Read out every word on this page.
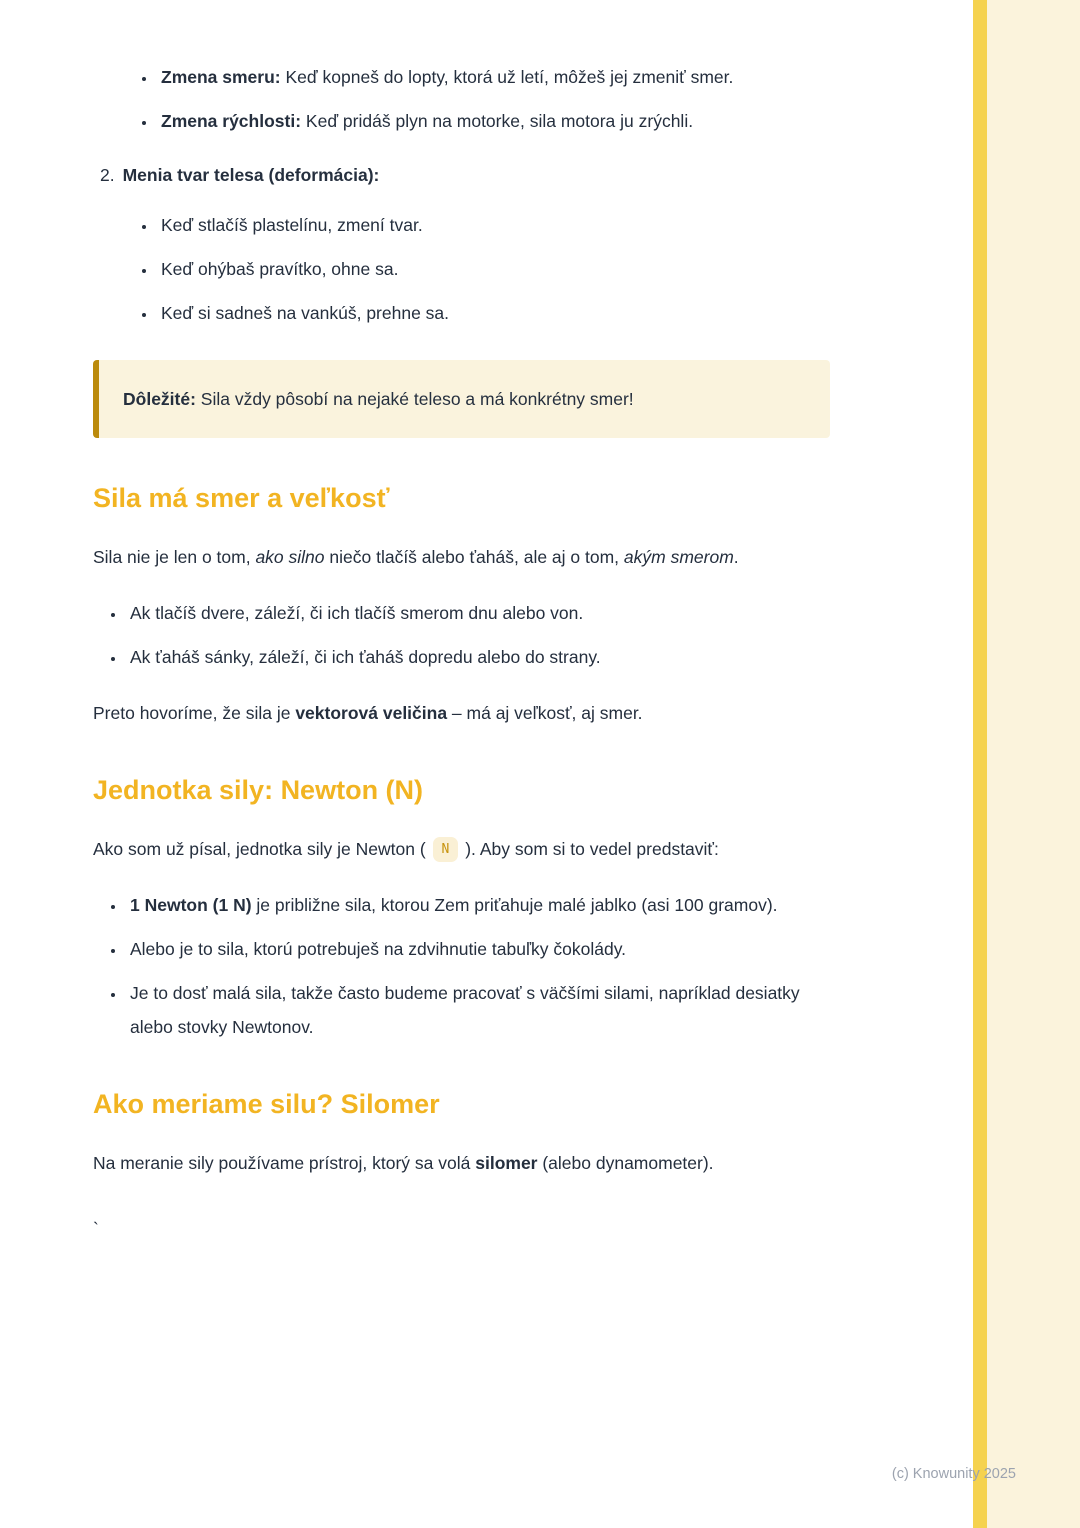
• Zmena smeru: Keď kopneš do lopty, ktorá už letí, môžeš jej zmeniť smer.
• Zmena rýchlosti: Keď pridáš plyn na motorke, sila motora ju zrýchli.
2. Menia tvar telesa (deformácia):
• Keď stlačíš plastelínu, zmení tvar.
• Keď ohýbaš pravítko, ohne sa.
• Keď si sadneš na vankúš, prehne sa.
Dôležité: Sila vždy pôsobí na nejaké teleso a má konkrétny smer!
Sila má smer a veľkosť

Sila nie je len o tom, ako silno niečo tlačíš alebo ťaháš, ale aj o tom, akým smerom.

• Ak tlačíš dvere, záleží, či ich tlačíš smerom dnu alebo von.
• Ak ťaháš sánky, záleží, či ich ťaháš dopredu alebo do strany.

Preto hovoríme, že sila je vektorová veličina – má aj veľkosť, aj smer.

Jednotka sily: Newton (N)

Ako som už písal, jednotka sily je Newton ( N ). Aby som si to vedel predstaviť:

• 1 Newton (1 N) je približne sila, ktorou Zem priťahuje malé jablko (asi 100 gramov).
• Alebo je to sila, ktorú potrebuješ na zdvihnutie tabuľky čokolády.
• Je to dosť malá sila, takže často budeme pracovať s väčšími silami, napríklad desiatky alebo stovky Newtonov.
Ako meriame silu? Silomer

Na meranie sily používame prístroj, ktorý sa volá silomer (alebo dynamometer).

`
(c) Knowunity 2025
